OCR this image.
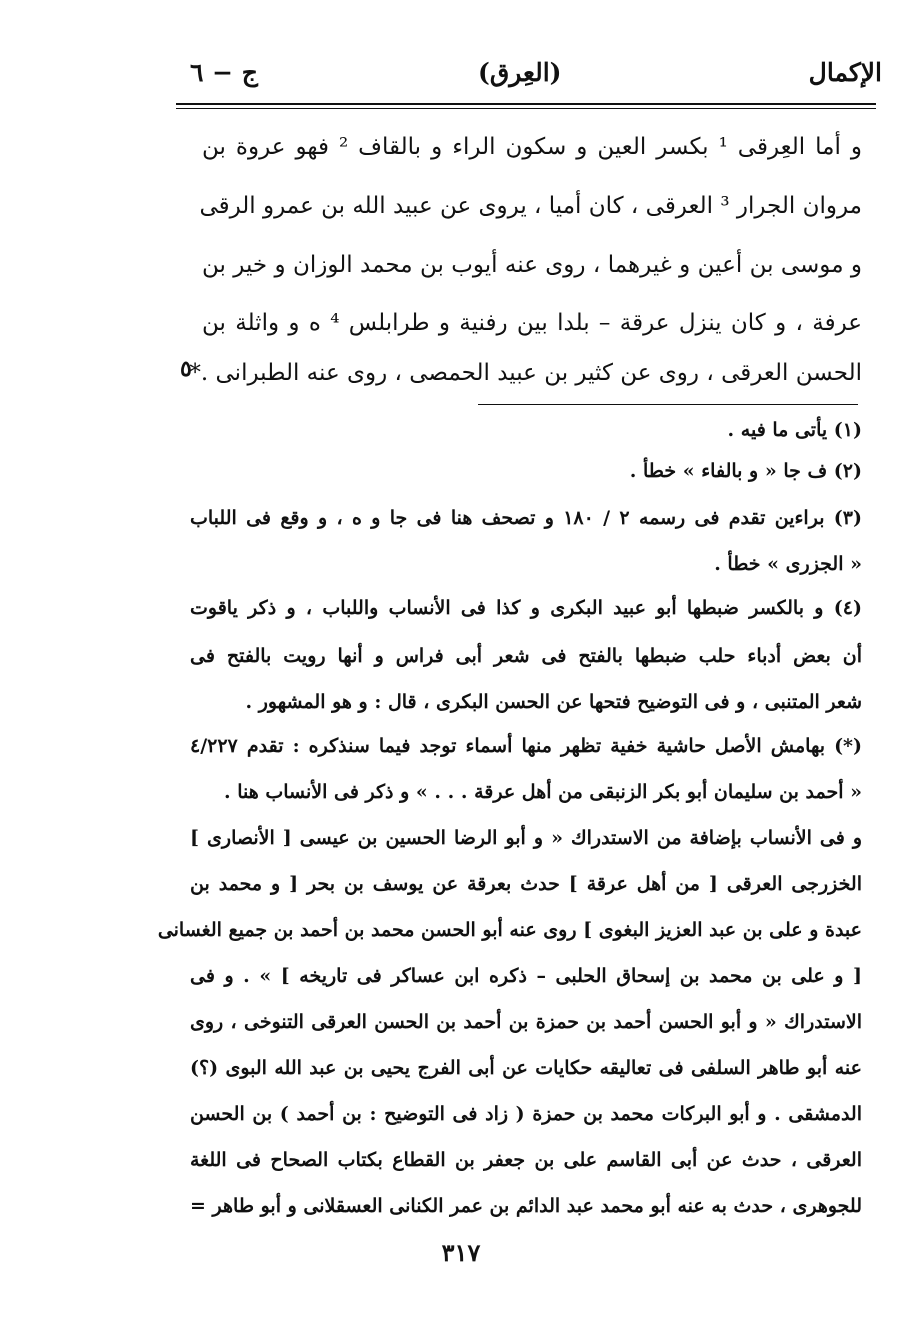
ج − ٦	(العِرق)	الإكمال
و أما العِرقى ¹ بكسر العين و سكون الراء و بالقاف ² فهو عروة بن
مروان الجرار ³ العرقى ، كان أميا ، يروى عن عبيد الله بن عمرو الرقى
و موسى بن أعين و غيرهما ، روى عنه أيوب بن محمد الوزان و خير بن
عرفة ، و كان ينزل عرقة – بلدا بين رفنية و طرابلس ⁴ ه و واثلة بن
الحسن العرقى ، روى عن كثير بن عبيد الحمصى ، روى عنه الطبرانى .*
٥
(١) يأتى ما فيه .
(٢) ف جا « و بالفاء » خطأ .
(٣) براءين تقدم فى رسمه ٢ / ١٨٠ و تصحف هنا فى جا و ه ، و وقع فى اللباب
« الجزرى » خطأ .
(٤) و بالكسر ضبطها أبو عبيد البكرى و كذا فى الأنساب واللباب ، و ذكر ياقوت
أن بعض أدباء حلب ضبطها بالفتح فى شعر أبى فراس و أنها رويت بالفتح فى
شعر المتنبى ، و فى التوضيح فتحها عن الحسن البكرى ، قال : و هو المشهور .
(*) بهامش الأصل حاشية خفية تظهر منها أسماء توجد فيما سنذكره : تقدم ٤/٢٢٧
« أحمد بن سليمان أبو بكر الزنبقى من أهل عرقة . . . » و ذكر فى الأنساب هنا .
و فى الأنساب بإضافة من الاستدراك « و أبو الرضا الحسين بن عيسى [ الأنصارى ]
الخزرجى العرقى [ من أهل عرقة ] حدث بعرقة عن يوسف بن بحر [ و محمد بن
عبدة و على بن عبد العزيز البغوى ] روى عنه أبو الحسن محمد بن أحمد بن جميع الغسانى
[ و على بن محمد بن إسحاق الحلبى – ذكره ابن عساكر فى تاريخه ] » . و فى
الاستدراك « و أبو الحسن أحمد بن حمزة بن أحمد بن الحسن العرقى التنوخى ، روى
عنه أبو طاهر السلفى فى تعاليقه حكايات عن أبى الفرج يحيى بن عبد الله البوى (؟)
الدمشقى . و أبو البركات محمد بن حمزة ( زاد فى التوضيح : بن أحمد ) بن الحسن
العرقى ، حدث عن أبى القاسم على بن جعفر بن القطاع بكتاب الصحاح فى اللغة
للجوهرى ، حدث به عنه أبو محمد عبد الدائم بن عمر الكنانى العسقلانى و أبو طاهر =
٣١٧
